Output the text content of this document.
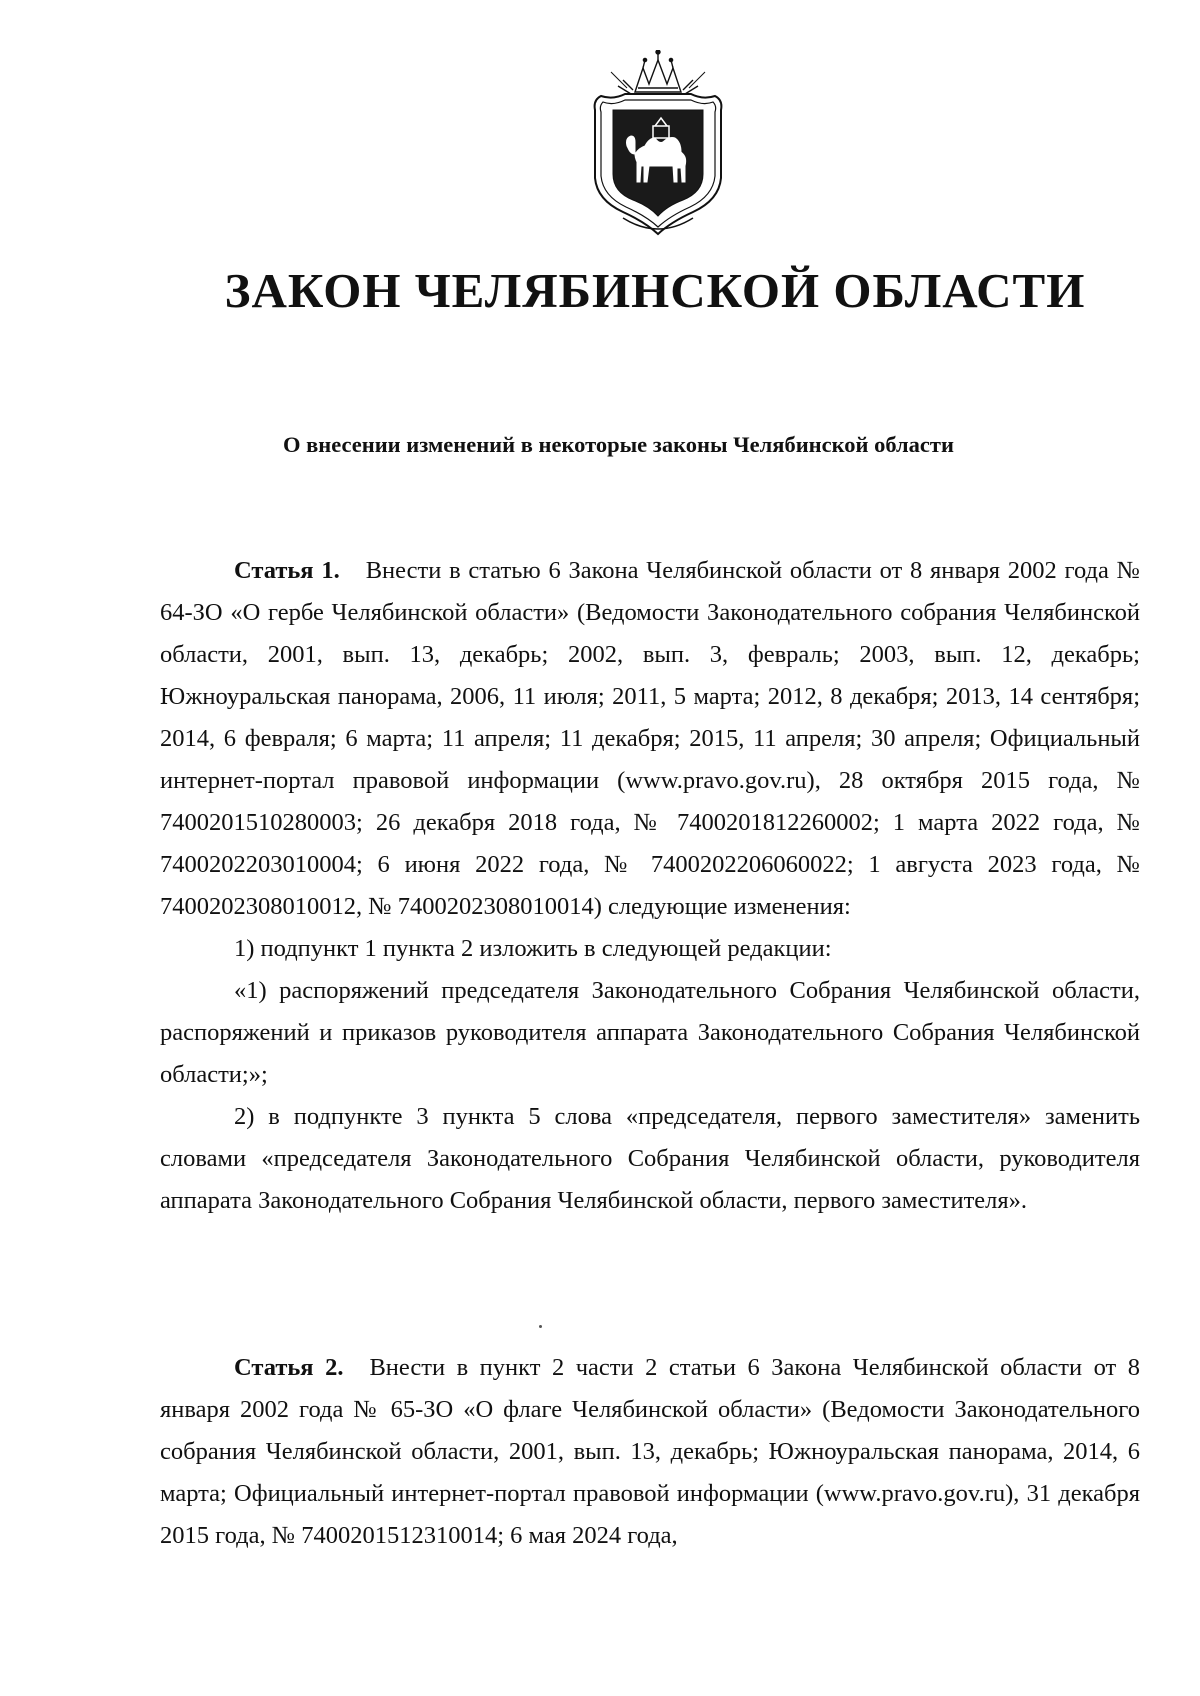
ЗАКОН ЧЕЛЯБИНСКОЙ ОБЛАСТИ
О внесении изменений в некоторые законы Челябинской области

Статья 1. Внести в статью 6 Закона Челябинской области от 8 января 2002 года № 64-ЗО «О гербе Челябинской области» (Ведомости Законодательного собрания Челябинской области, 2001, вып. 13, декабрь; 2002, вып. 3, февраль; 2003, вып. 12, декабрь; Южноуральская панорама, 2006, 11 июля; 2011, 5 марта; 2012, 8 декабря; 2013, 14 сентября; 2014, 6 февраля; 6 марта; 11 апреля; 11 декабря; 2015, 11 апреля; 30 апреля; Официальный интернет-портал правовой информации (www.pravo.gov.ru), 28 октября 2015 года, № 7400201510280003; 26 декабря 2018 года, № 7400201812260002; 1 марта 2022 года, № 7400202203010004; 6 июня 2022 года, № 7400202206060022; 1 августа 2023 года, № 7400202308010012, № 7400202308010014) следующие изменения:

1) подпункт 1 пункта 2 изложить в следующей редакции:

«1) распоряжений председателя Законодательного Собрания Челябинской области, распоряжений и приказов руководителя аппарата Законодательного Собрания Челябинской области;»;

2) в подпункте 3 пункта 5 слова «председателя, первого заместителя» заменить словами «председателя Законодательного Собрания Челябинской области, руководителя аппарата Законодательного Собрания Челябинской области, первого заместителя».

Статья 2. Внести в пункт 2 части 2 статьи 6 Закона Челябинской области от 8 января 2002 года № 65-ЗО «О флаге Челябинской области» (Ведомости Законодательного собрания Челябинской области, 2001, вып. 13, декабрь; Южноуральская панорама, 2014, 6 марта; Официальный интернет-портал правовой информации (www.pravo.gov.ru), 31 декабря 2015 года, № 7400201512310014; 6 мая 2024 года,
